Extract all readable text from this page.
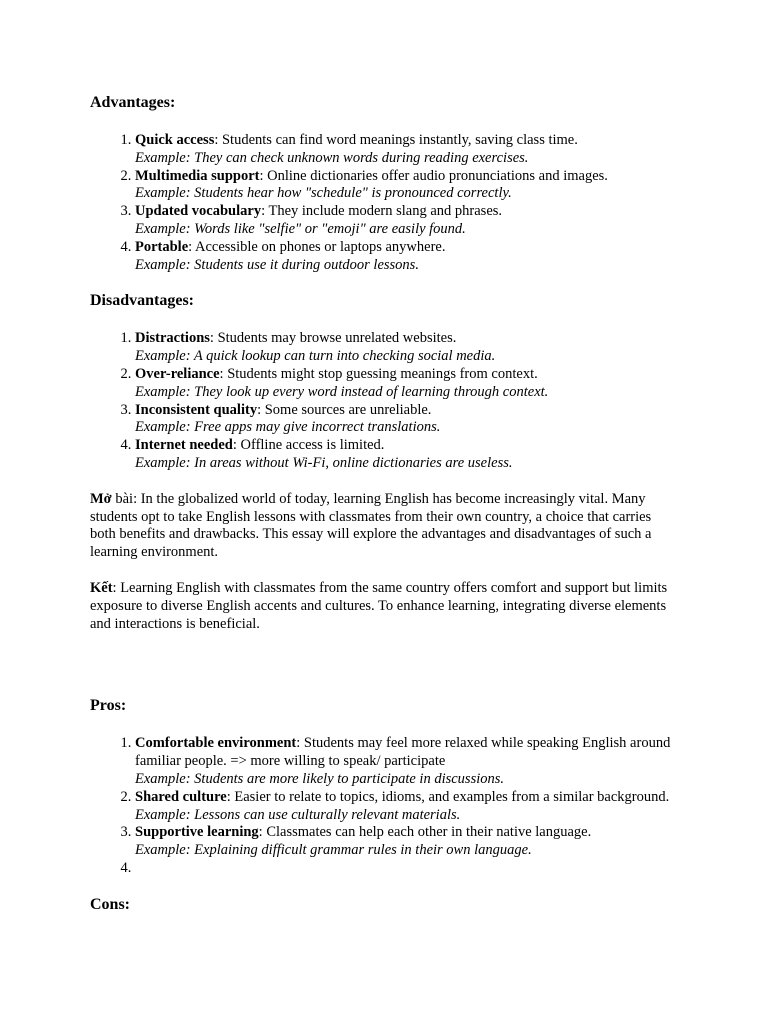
Advantages:
1. Quick access: Students can find word meanings instantly, saving class time.
Example: They can check unknown words during reading exercises.
2. Multimedia support: Online dictionaries offer audio pronunciations and images.
Example: Students hear how "schedule" is pronounced correctly.
3. Updated vocabulary: They include modern slang and phrases.
Example: Words like "selfie" or "emoji" are easily found.
4. Portable: Accessible on phones or laptops anywhere.
Example: Students use it during outdoor lessons.
Disadvantages:
1. Distractions: Students may browse unrelated websites.
Example: A quick lookup can turn into checking social media.
2. Over-reliance: Students might stop guessing meanings from context.
Example: They look up every word instead of learning through context.
3. Inconsistent quality: Some sources are unreliable.
Example: Free apps may give incorrect translations.
4. Internet needed: Offline access is limited.
Example: In areas without Wi-Fi, online dictionaries are useless.

Mở bài: In the globalized world of today, learning English has become increasingly vital. Many students opt to take English lessons with classmates from their own country, a choice that carries both benefits and drawbacks. This essay will explore the advantages and disadvantages of such a learning environment.

Kết: Learning English with classmates from the same country offers comfort and support but limits exposure to diverse English accents and cultures. To enhance learning, integrating diverse elements and interactions is beneficial.

Pros:
1. Comfortable environment: Students may feel more relaxed while speaking English around familiar people. => more willing to speak/ participate
Example: Students are more likely to participate in discussions.
2. Shared culture: Easier to relate to topics, idioms, and examples from a similar background.
Example: Lessons can use culturally relevant materials.
3. Supportive learning: Classmates can help each other in their native language.
Example: Explaining difficult grammar rules in their own language.
4.
Cons:
